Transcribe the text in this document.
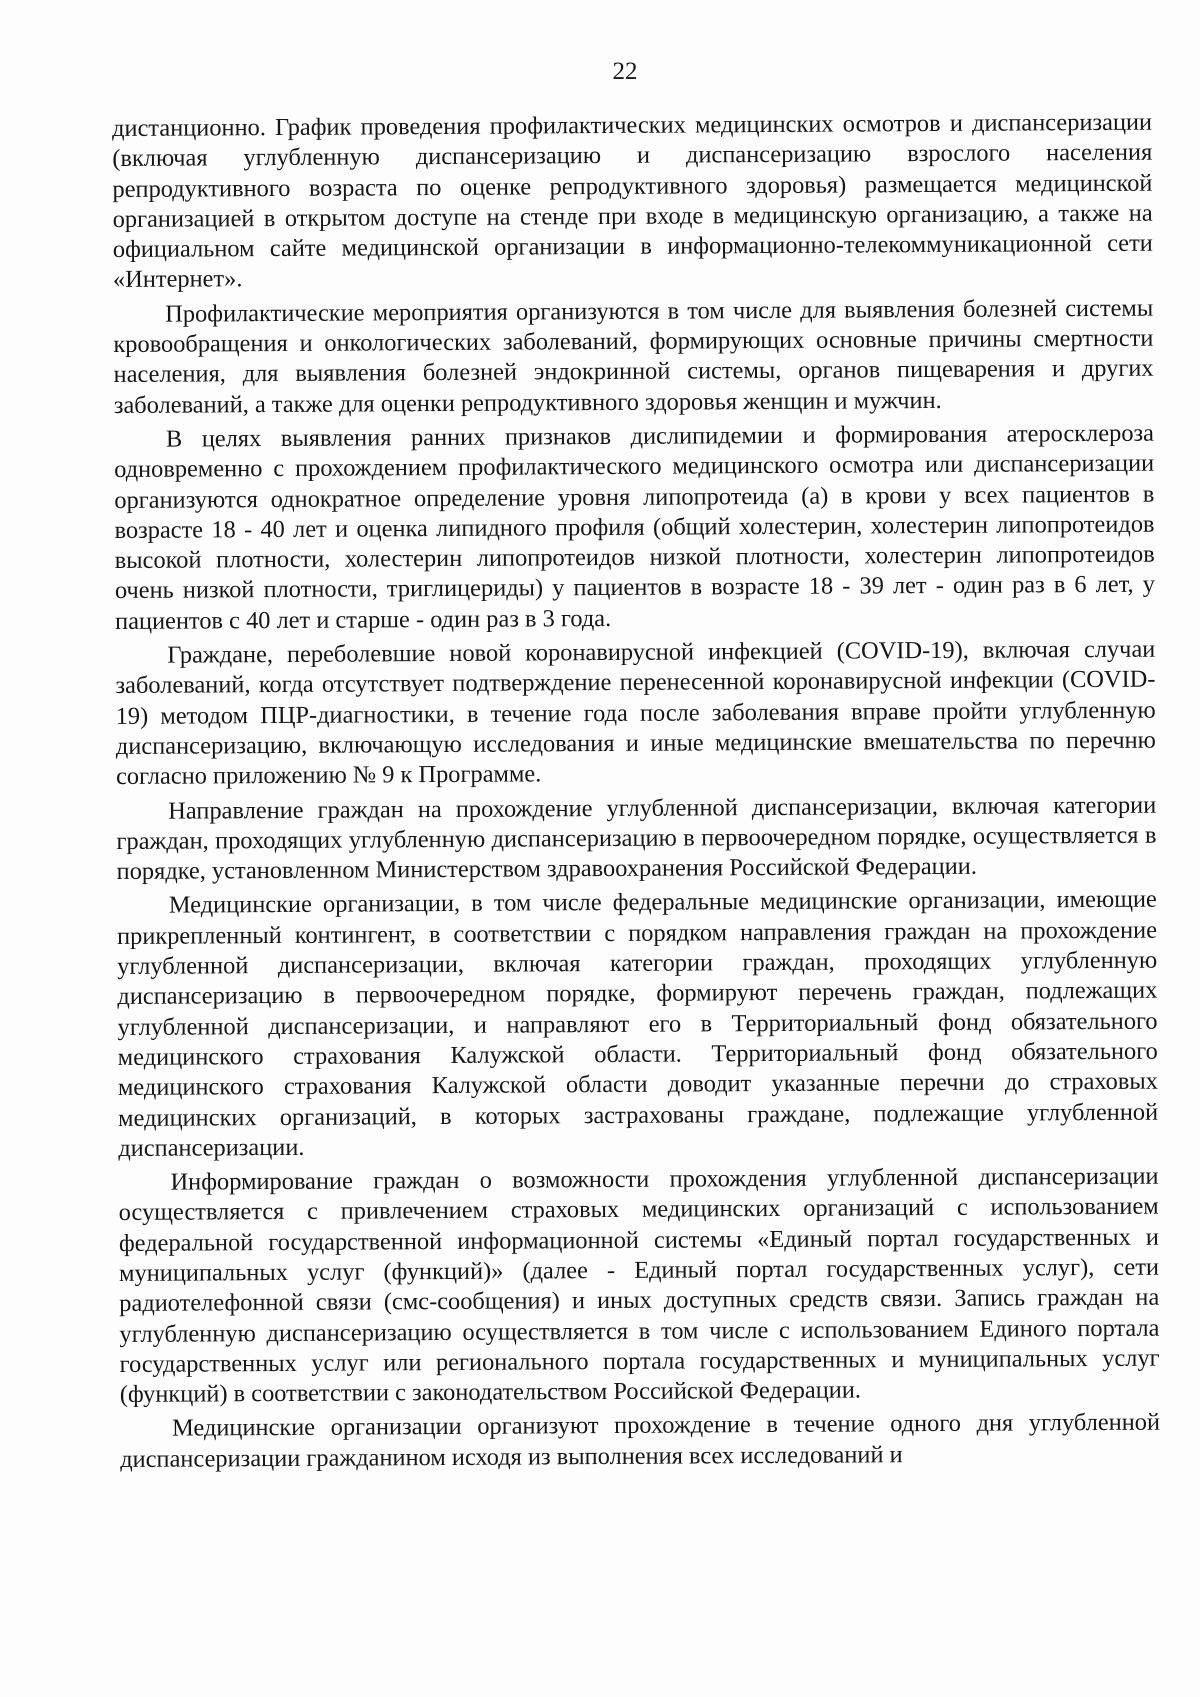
22

дистанционно. График проведения профилактических медицинских осмотров и диспансеризации (включая углубленную диспансеризацию и диспансеризацию взрослого населения репродуктивного возраста по оценке репродуктивного здоровья) размещается медицинской организацией в открытом доступе на стенде при входе в медицинскую организацию, а также на официальном сайте медицинской организации в информационно-телекоммуникационной сети «Интернет».

Профилактические мероприятия организуются в том числе для выявления болезней системы кровообращения и онкологических заболеваний, формирующих основные причины смертности населения, для выявления болезней эндокринной системы, органов пищеварения и других заболеваний, а также для оценки репродуктивного здоровья женщин и мужчин.

В целях выявления ранних признаков дислипидемии и формирования атеросклероза одновременно с прохождением профилактического медицинского осмотра или диспансеризации организуются однократное определение уровня липопротеида (а) в крови у всех пациентов в возрасте 18 - 40 лет и оценка липидного профиля (общий холестерин, холестерин липопротеидов высокой плотности, холестерин липопротеидов низкой плотности, холестерин липопротеидов очень низкой плотности, триглицериды) у пациентов в возрасте 18 - 39 лет - один раз в 6 лет, у пациентов с 40 лет и старше - один раз в 3 года.

Граждане, переболевшие новой коронавирусной инфекцией (COVID-19), включая случаи заболеваний, когда отсутствует подтверждение перенесенной коронавирусной инфекции (COVID-19) методом ПЦР-диагностики, в течение года после заболевания вправе пройти углубленную диспансеризацию, включающую исследования и иные медицинские вмешательства по перечню согласно приложению № 9 к Программе.

Направление граждан на прохождение углубленной диспансеризации, включая категории граждан, проходящих углубленную диспансеризацию в первоочередном порядке, осуществляется в порядке, установленном Министерством здравоохранения Российской Федерации.

Медицинские организации, в том числе федеральные медицинские организации, имеющие прикрепленный контингент, в соответствии с порядком направления граждан на прохождение углубленной диспансеризации, включая категории граждан, проходящих углубленную диспансеризацию в первоочередном порядке, формируют перечень граждан, подлежащих углубленной диспансеризации, и направляют его в Территориальный фонд обязательного медицинского страхования Калужской области. Территориальный фонд обязательного медицинского страхования Калужской области доводит указанные перечни до страховых медицинских организаций, в которых застрахованы граждане, подлежащие углубленной диспансеризации.

Информирование граждан о возможности прохождения углубленной диспансеризации осуществляется с привлечением страховых медицинских организаций с использованием федеральной государственной информационной системы «Единый портал государственных и муниципальных услуг (функций)» (далее - Единый портал государственных услуг), сети радиотелефонной связи (смс-сообщения) и иных доступных средств связи. Запись граждан на углубленную диспансеризацию осуществляется в том числе с использованием Единого портала государственных услуг или регионального портала государственных и муниципальных услуг (функций) в соответствии с законодательством Российской Федерации.

Медицинские организации организуют прохождение в течение одного дня углубленной диспансеризации гражданином исходя из выполнения всех исследований и
